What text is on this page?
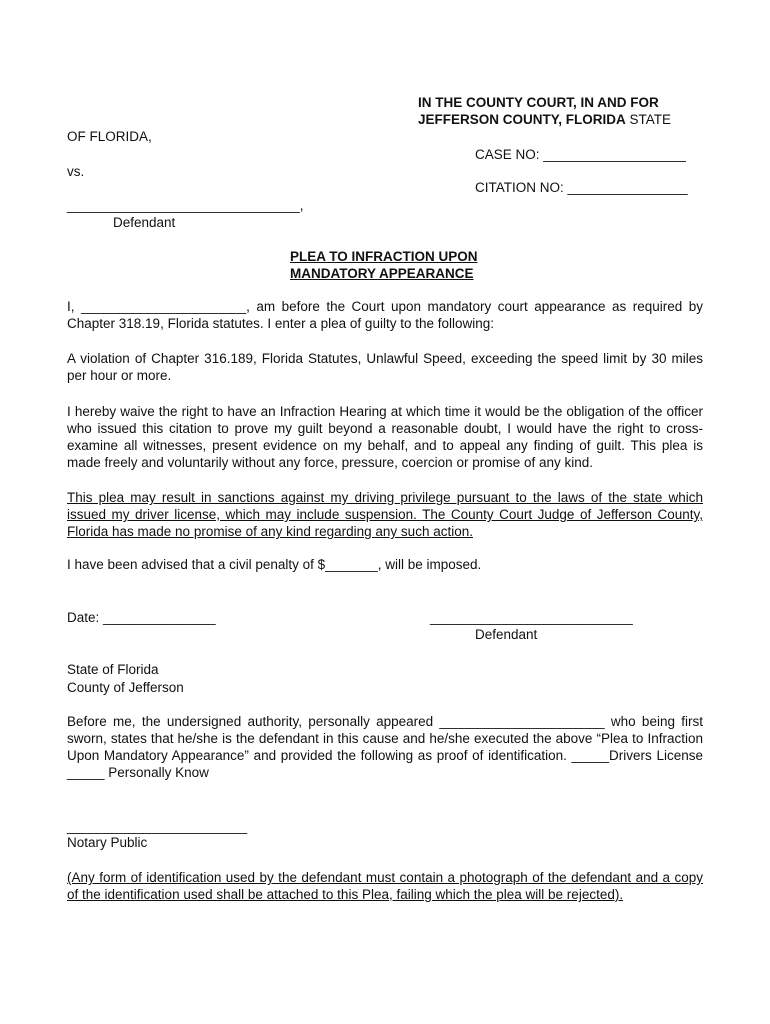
IN THE COUNTY COURT, IN AND FOR

JEFFERSON COUNTY, FLORIDA STATE

OF FLORIDA,

CASE NO: ___________________

vs.

CITATION NO: ________________

_______________________________,

Defendant

PLEA TO INFRACTION UPON

MANDATORY APPEARANCE

I, ______________________, am before the Court upon mandatory court appearance as required by Chapter 318.19, Florida statutes. I enter a plea of guilty to the following:

A violation of Chapter 316.189, Florida Statutes, Unlawful Speed, exceeding the speed limit by 30 miles per hour or more.

I hereby waive the right to have an Infraction Hearing at which time it would be the obligation of the officer who issued this citation to prove my guilt beyond a reasonable doubt, I would have the right to cross-examine all witnesses, present evidence on my behalf, and to appeal any finding of guilt. This plea is made freely and voluntarily without any force, pressure, coercion or promise of any kind.

This plea may result in sanctions against my driving privilege pursuant to the laws of the state which issued my driver license, which may include suspension. The County Court Judge of Jefferson County, Florida has made no promise of any kind regarding any such action.

I have been advised that a civil penalty of $_______, will be imposed.

Date: _______________	___________________________

Defendant

State of Florida

County of Jefferson

Before me, the undersigned authority, personally appeared ______________________ who being first sworn, states that he/she is the defendant in this cause and he/she executed the above “Plea to Infraction Upon Mandatory Appearance” and provided the following as proof of identification. _____Drivers License _____ Personally Know

________________________

Notary Public

(Any form of identification used by the defendant must contain a photograph of the defendant and a copy of the identification used shall be attached to this Plea, failing which the plea will be rejected).
